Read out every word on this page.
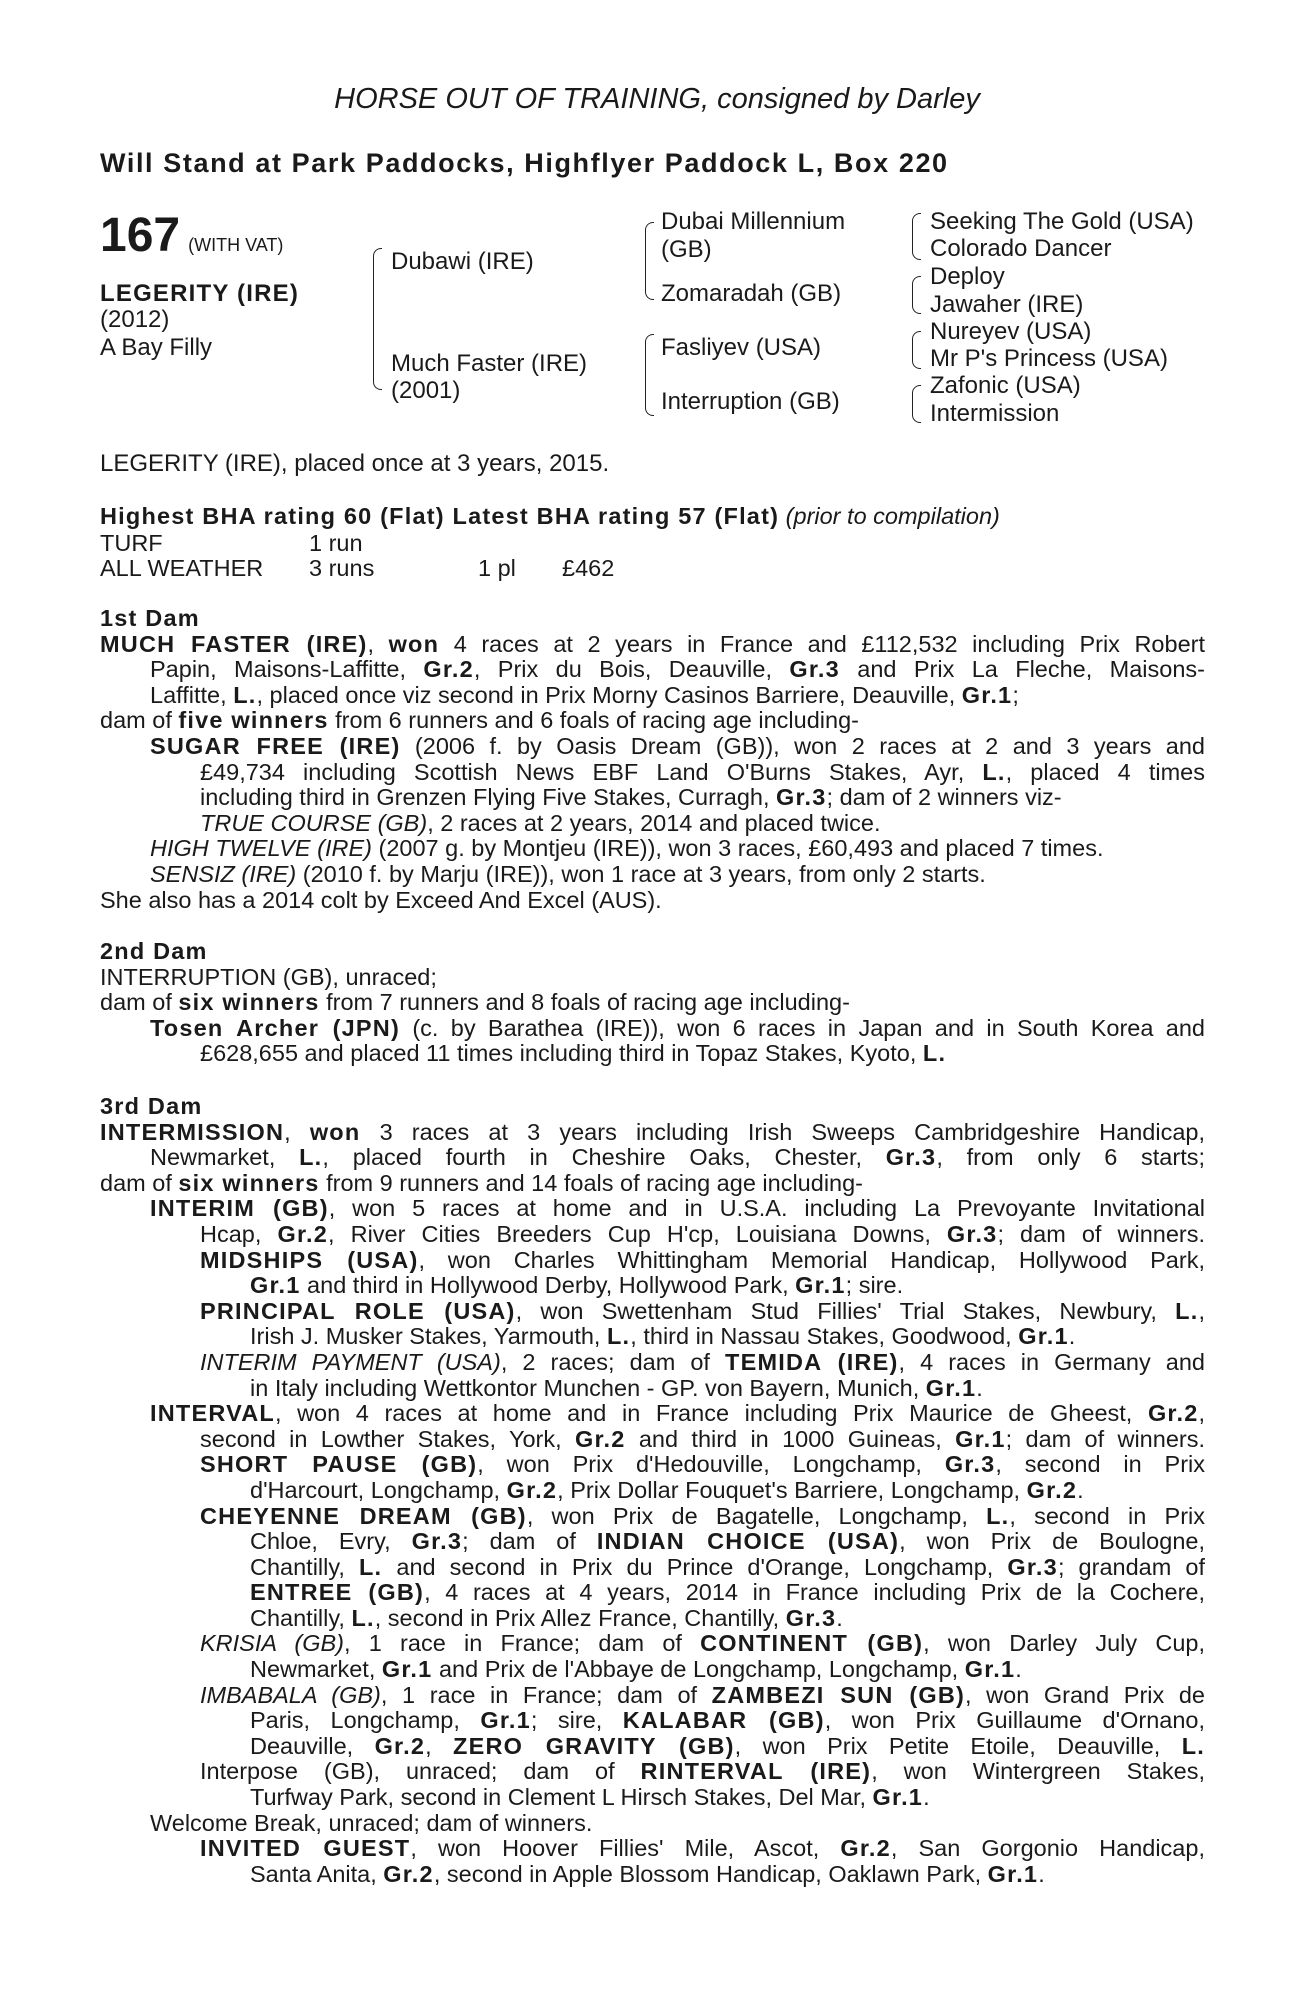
HORSE OUT OF TRAINING, consigned by Darley
Will Stand at Park Paddocks, Highflyer Paddock L, Box 220
167 (WITH VAT)
LEGERITY (IRE)
(2012)
A Bay Filly
Dubawi (IRE)
Much Faster (IRE)
(2001)
Dubai Millennium
(GB)
Zomaradah (GB)
Fasliyev (USA)
Interruption (GB)
Seeking The Gold (USA)
Colorado Dancer
Deploy
Jawaher (IRE)
Nureyev (USA)
Mr P's Princess (USA)
Zafonic (USA)
Intermission
LEGERITY (IRE), placed once at 3 years, 2015.
Highest BHA rating 60 (Flat) Latest BHA rating 57 (Flat) (prior to compilation)
TURF	1 run
ALL WEATHER 3 runs	1 pl £462
1st Dam
MUCH FASTER (IRE), won 4 races at 2 years in France and £112,532 including Prix Robert
Papin, Maisons-Laffitte, Gr.2, Prix du Bois, Deauville, Gr.3 and Prix La Fleche, Maisons-
Laffitte, L., placed once viz second in Prix Morny Casinos Barriere, Deauville, Gr.1;
dam of five winners from 6 runners and 6 foals of racing age including-
SUGAR FREE (IRE) (2006 f. by Oasis Dream (GB)), won 2 races at 2 and 3 years and
£49,734 including Scottish News EBF Land O'Burns Stakes, Ayr, L., placed 4 times
including third in Grenzen Flying Five Stakes, Curragh, Gr.3; dam of 2 winners viz-
TRUE COURSE (GB), 2 races at 2 years, 2014 and placed twice.
HIGH TWELVE (IRE) (2007 g. by Montjeu (IRE)), won 3 races, £60,493 and placed 7 times.
SENSIZ (IRE) (2010 f. by Marju (IRE)), won 1 race at 3 years, from only 2 starts.
She also has a 2014 colt by Exceed And Excel (AUS).
2nd Dam
INTERRUPTION (GB), unraced;
dam of six winners from 7 runners and 8 foals of racing age including-
Tosen Archer (JPN) (c. by Barathea (IRE)), won 6 races in Japan and in South Korea and
£628,655 and placed 11 times including third in Topaz Stakes, Kyoto, L.
3rd Dam
INTERMISSION, won 3 races at 3 years including Irish Sweeps Cambridgeshire Handicap,
Newmarket, L., placed fourth in Cheshire Oaks, Chester, Gr.3, from only 6 starts;
dam of six winners from 9 runners and 14 foals of racing age including-
INTERIM (GB), won 5 races at home and in U.S.A. including La Prevoyante Invitational
Hcap, Gr.2, River Cities Breeders Cup H'cp, Louisiana Downs, Gr.3; dam of winners.
MIDSHIPS (USA), won Charles Whittingham Memorial Handicap, Hollywood Park,
Gr.1 and third in Hollywood Derby, Hollywood Park, Gr.1; sire.
PRINCIPAL ROLE (USA), won Swettenham Stud Fillies' Trial Stakes, Newbury, L.,
Irish J. Musker Stakes, Yarmouth, L., third in Nassau Stakes, Goodwood, Gr.1.
INTERIM PAYMENT (USA), 2 races; dam of TEMIDA (IRE), 4 races in Germany and
in Italy including Wettkontor Munchen - GP. von Bayern, Munich, Gr.1.
INTERVAL, won 4 races at home and in France including Prix Maurice de Gheest, Gr.2,
second in Lowther Stakes, York, Gr.2 and third in 1000 Guineas, Gr.1; dam of winners.
SHORT PAUSE (GB), won Prix d'Hedouville, Longchamp, Gr.3, second in Prix
d'Harcourt, Longchamp, Gr.2, Prix Dollar Fouquet's Barriere, Longchamp, Gr.2.
CHEYENNE DREAM (GB), won Prix de Bagatelle, Longchamp, L., second in Prix
Chloe, Evry, Gr.3; dam of INDIAN CHOICE (USA), won Prix de Boulogne,
Chantilly, L. and second in Prix du Prince d'Orange, Longchamp, Gr.3; grandam of
ENTREE (GB), 4 races at 4 years, 2014 in France including Prix de la Cochere,
Chantilly, L., second in Prix Allez France, Chantilly, Gr.3.
KRISIA (GB), 1 race in France; dam of CONTINENT (GB), won Darley July Cup,
Newmarket, Gr.1 and Prix de l'Abbaye de Longchamp, Longchamp, Gr.1.
IMBABALA (GB), 1 race in France; dam of ZAMBEZI SUN (GB), won Grand Prix de
Paris, Longchamp, Gr.1; sire, KALABAR (GB), won Prix Guillaume d'Ornano,
Deauville, Gr.2, ZERO GRAVITY (GB), won Prix Petite Etoile, Deauville, L.
Interpose (GB), unraced; dam of RINTERVAL (IRE), won Wintergreen Stakes,
Turfway Park, second in Clement L Hirsch Stakes, Del Mar, Gr.1.
Welcome Break, unraced; dam of winners.
INVITED GUEST, won Hoover Fillies' Mile, Ascot, Gr.2, San Gorgonio Handicap,
Santa Anita, Gr.2, second in Apple Blossom Handicap, Oaklawn Park, Gr.1.
